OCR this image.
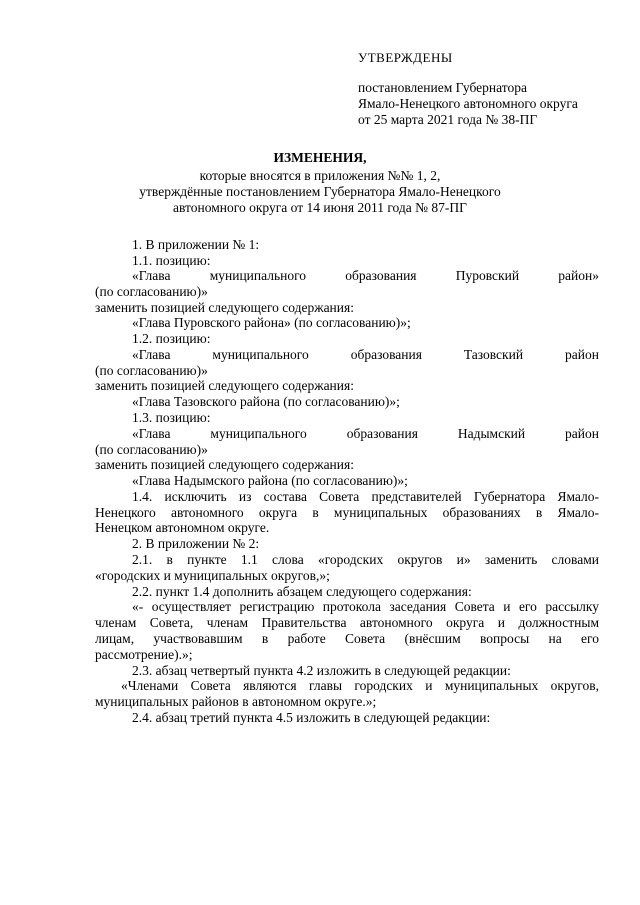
УТВЕРЖДЕНЫ
постановлением Губернатора
Ямало-Ненецкого автономного округа
от 25 марта 2021 года № 38-ПГ
ИЗМЕНЕНИЯ,
которые вносятся в приложения №№ 1, 2,
утверждённые постановлением Губернатора Ямало-Ненецкого
автономного округа от 14 июня 2011 года № 87-ПГ
1. В приложении № 1:
1.1. позицию:
«Глава	муниципального	образования	Пуровский	район»
(по согласованию)»
заменить позицией следующего содержания:
«Глава Пуровского района» (по согласованию)»;
1.2. позицию:
«Глава	муниципального	образования	Тазовский	район
(по согласованию)»
заменить позицией следующего содержания:
«Глава Тазовского района (по согласованию)»;
1.3. позицию:
«Глава	муниципального	образования	Надымский	район
(по согласованию)»
заменить позицией следующего содержания:
«Глава Надымского района (по согласованию)»;
1.4. исключить из состава Совета представителей Губернатора Ямало-
Ненецкого автономного округа в муниципальных образованиях в Ямало-
Ненецком автономном округе.
2. В приложении № 2:
2.1. в пункте 1.1 слова «городских округов и» заменить словами
«городских и муниципальных округов,»;
2.2. пункт 1.4 дополнить абзацем следующего содержания:
«- осуществляет регистрацию протокола заседания Совета и его рассылку
членам Совета, членам Правительства автономного округа и должностным
лицам, участвовавшим в работе Совета (внёсшим вопросы на его
рассмотрение).»;
2.3. абзац четвертый пункта 4.2 изложить в следующей редакции:
«Членами Совета являются главы городских и муниципальных округов,
муниципальных районов в автономном округе.»;
2.4. абзац третий пункта 4.5 изложить в следующей редакции:
